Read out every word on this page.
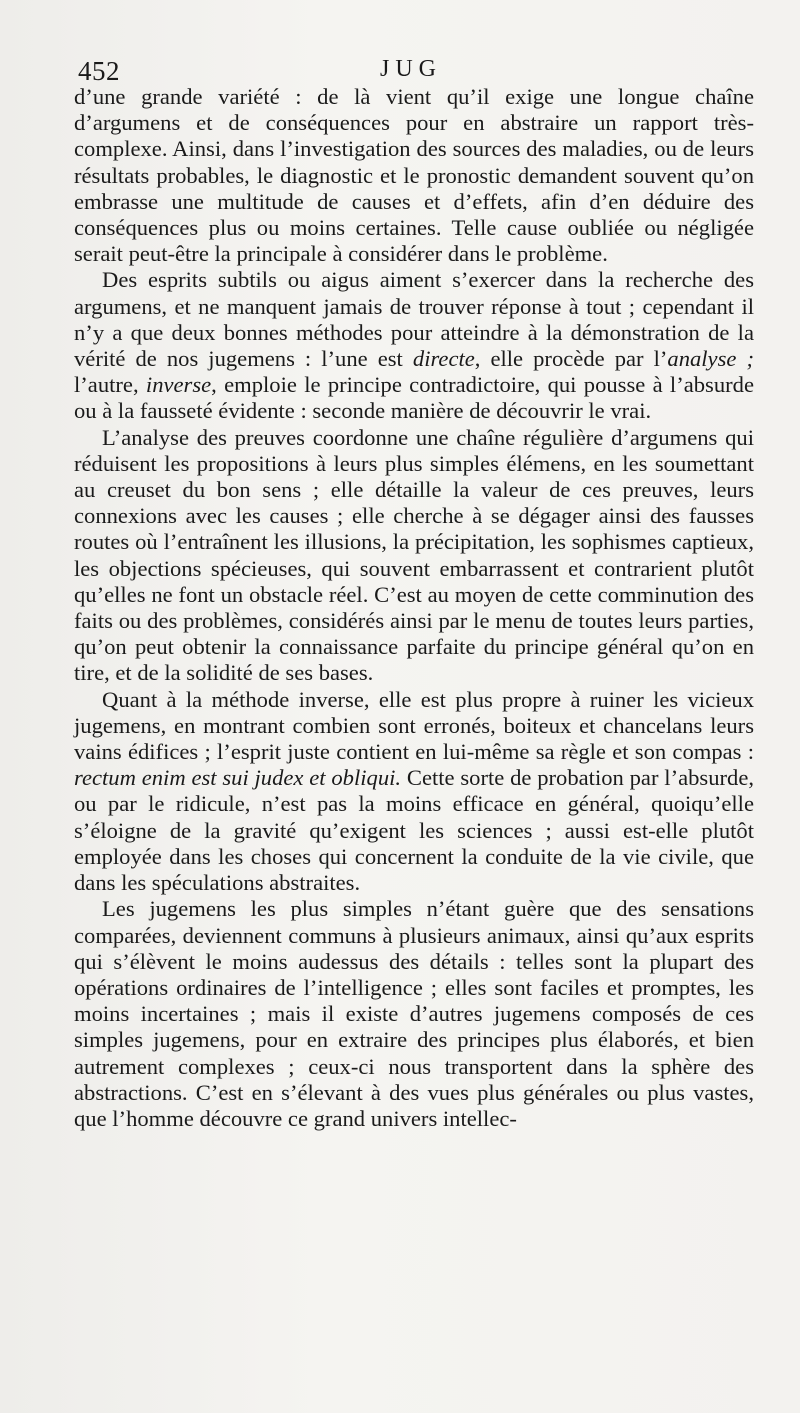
452	JUG

d’une grande variété : de là vient qu’il exige une longue chaîne d’argumens et de conséquences pour en abstraire un rapport très-complexe. Ainsi, dans l’investigation des sources des maladies, ou de leurs résultats probables, le diagnostic et le pronostic demandent souvent qu’on embrasse une multitude de causes et d’effets, afin d’en déduire des conséquences plus ou moins certaines. Telle cause oubliée ou négligée serait peut-être la principale à considérer dans le problème.

Des esprits subtils ou aigus aiment s’exercer dans la recherche des argumens, et ne manquent jamais de trouver réponse à tout ; cependant il n’y a que deux bonnes méthodes pour atteindre à la démonstration de la vérité de nos jugemens : l’une est directe, elle procède par l’analyse ; l’autre, inverse, emploie le principe contradictoire, qui pousse à l’absurde ou à la fausseté évidente : seconde manière de découvrir le vrai.

L’analyse des preuves coordonne une chaîne régulière d’argumens qui réduisent les propositions à leurs plus simples élémens, en les soumettant au creuset du bon sens ; elle détaille la valeur de ces preuves, leurs connexions avec les causes ; elle cherche à se dégager ainsi des fausses routes où l’entraînent les illusions, la précipitation, les sophismes captieux, les objections spécieuses, qui souvent embarrassent et contrarient plutôt qu’elles ne font un obstacle réel. C’est au moyen de cette comminution des faits ou des problèmes, considérés ainsi par le menu de toutes leurs parties, qu’on peut obtenir la connaissance parfaite du principe général qu’on en tire, et de la solidité de ses bases.

Quant à la méthode inverse, elle est plus propre à ruiner les vicieux jugemens, en montrant combien sont erronés, boiteux et chancelans leurs vains édifices ; l’esprit juste contient en lui-même sa règle et son compas : rectum enim est sui judex et obliqui. Cette sorte de probation par l’absurde, ou par le ridicule, n’est pas la moins efficace en général, quoiqu’elle s’éloigne de la gravité qu’exigent les sciences ; aussi est-elle plutôt employée dans les choses qui concernent la conduite de la vie civile, que dans les spéculations abstraites.

Les jugemens les plus simples n’étant guère que des sensations comparées, deviennent communs à plusieurs animaux, ainsi qu’aux esprits qui s’élèvent le moins audessus des détails : telles sont la plupart des opérations ordinaires de l’intelligence ; elles sont faciles et promptes, les moins incertaines ; mais il existe d’autres jugemens composés de ces simples jugemens, pour en extraire des principes plus élaborés, et bien autrement complexes ; ceux-ci nous transportent dans la sphère des abstractions. C’est en s’élevant à des vues plus générales ou plus vastes, que l’homme découvre ce grand univers intellec-
